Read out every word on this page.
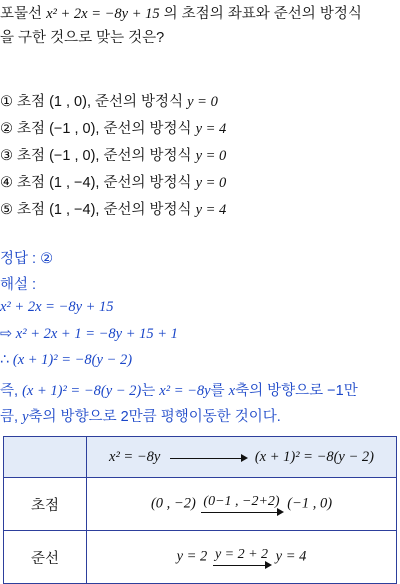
포물선 x² + 2x = −8y + 15 의 초점의 좌표와 준선의 방정식
을 구한 것으로 맞는 것은?
① 초점 (1 , 0), 준선의 방정식 y = 0
② 초점 (−1 , 0), 준선의 방정식 y = 4
③ 초점 (−1 , 0), 준선의 방정식 y = 0
④ 초점 (1 , −4), 준선의 방정식 y = 0
⑤ 초점 (1 , −4), 준선의 방정식 y = 4
정답 : ②
해설 :
x² + 2x = −8y + 15
⇨ x² + 2x + 1 = −8y + 15 + 1
∴ (x + 1)² = −8(y − 2)
즉, (x + 1)² = −8(y − 2)는 x² = −8y를 x축의 방향으로 −1만
큼, y축의 방향으로 2만큼 평행이동한 것이다.
	x² = −8y (x + 1)² = −8(y − 2)
초점	(0 , −2) (0−1 , −2+2) (−1 , 0)
준선	y = 2 y = 2 + 2 y = 4
